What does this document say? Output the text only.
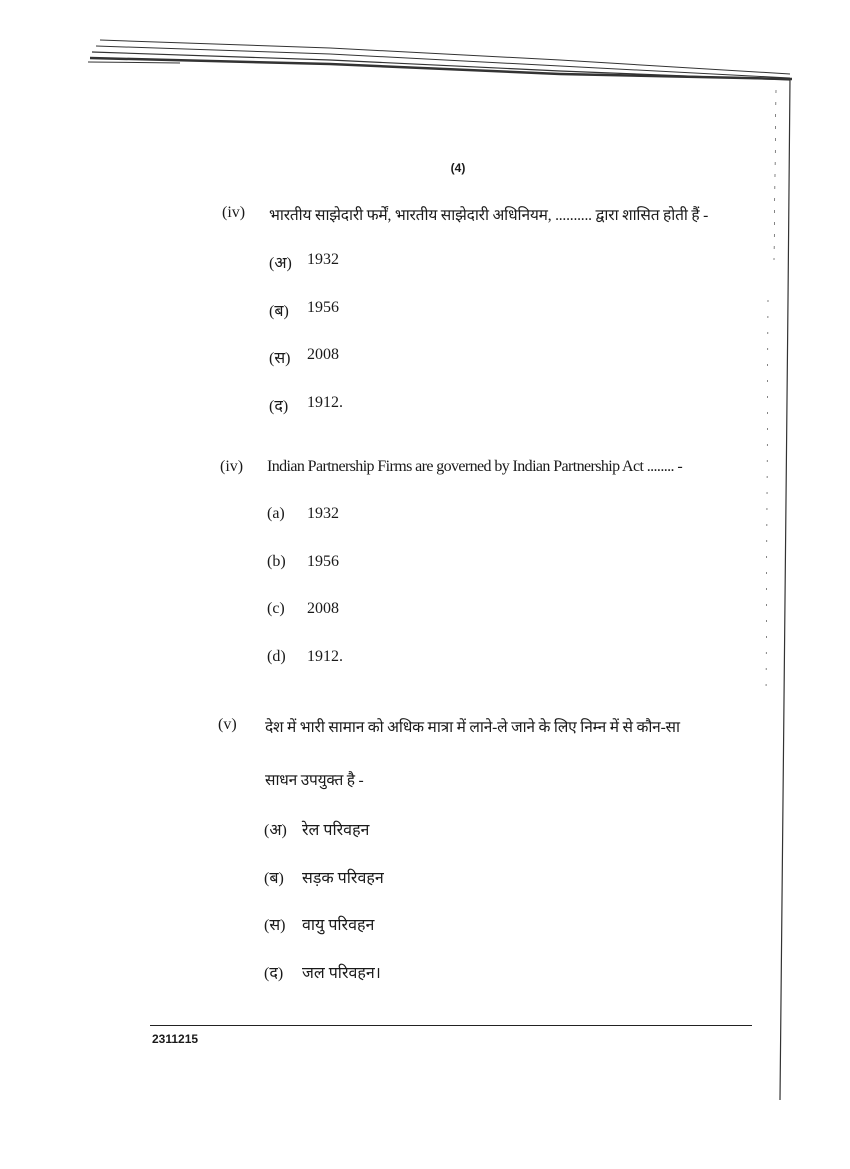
(4)
(iv) भारतीय साझेदारी फर्में, भारतीय साझेदारी अधिनियम, .......... द्वारा शासित होती हैं -
(अ) 1932
(ब)	1956
(स)	2008
(द)	1912.
(iv) Indian Partnership Firms are governed by Indian Partnership Act ........ -
(a)	1932
(b)	1956
(c)	2008
(d)	1912.
(v) देश में भारी सामान को अधिक मात्रा में लाने-ले जाने के लिए निम्न में से कौन-सा
साधन उपयुक्त है -
(अ) रेल परिवहन
(ब)	सड़क परिवहन
(स)	वायु परिवहन
(द)	जल परिवहन।
2311215
